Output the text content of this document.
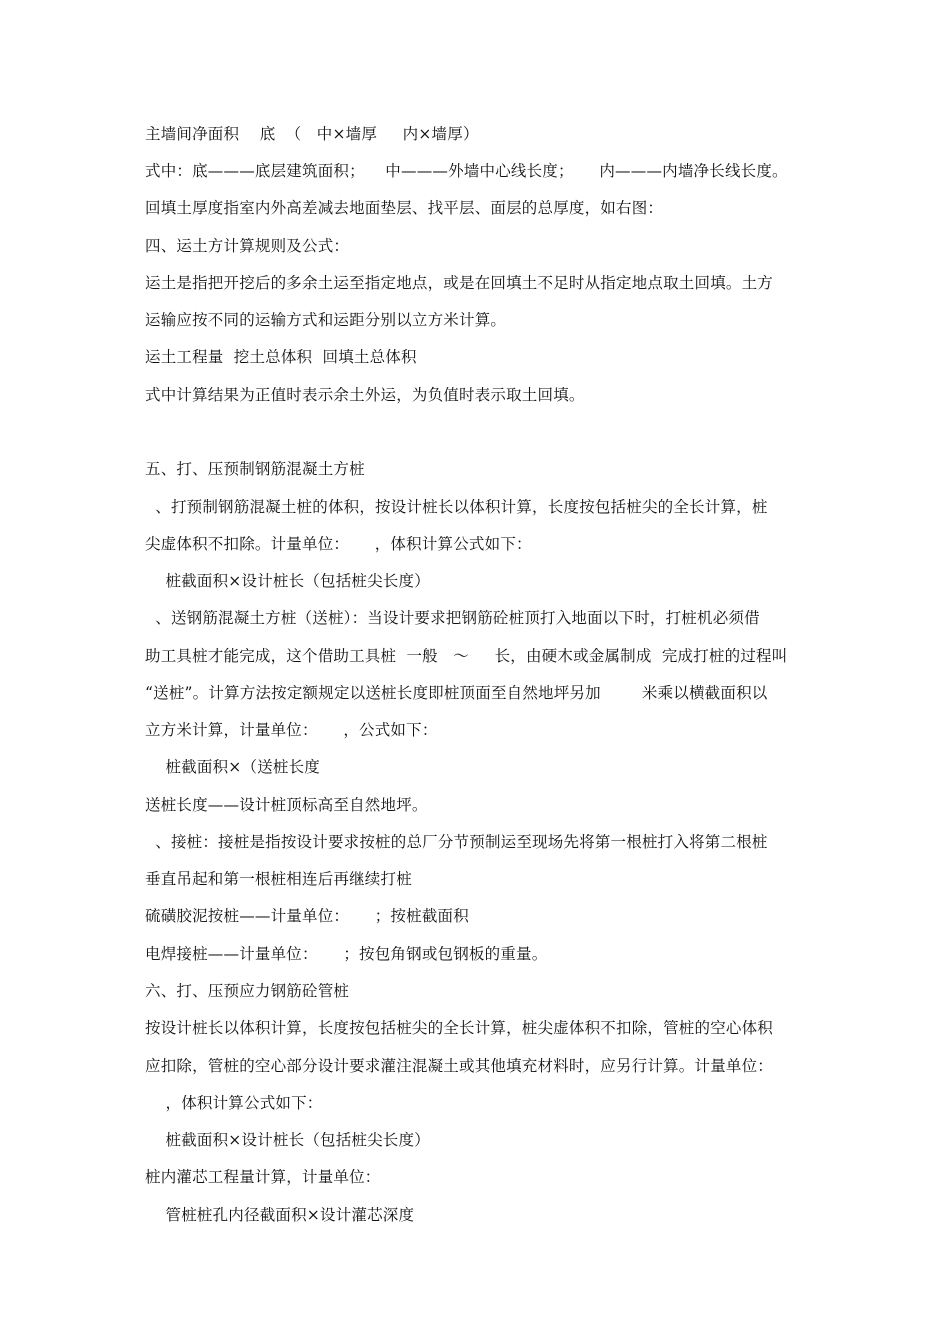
主墙间净面积    底  （   中×墙厚     内×墙厚）
式中：底———底层建筑面积；    中———外墙中心线长度；     内———内墙净长线长度。
回填土厚度指室内外高差减去地面垫层、找平层、面层的总厚度，如右图：
四、运土方计算规则及公式：
运土是指把开挖后的多余土运至指定地点，或是在回填土不足时从指定地点取土回填。土方
运输应按不同的运输方式和运距分别以立方米计算。
运土工程量  挖土总体积  回填土总体积
式中计算结果为正值时表示余土外运，为负值时表示取土回填。
五、打、压预制钢筋混凝土方桩
、打预制钢筋混凝土桩的体积，按设计桩长以体积计算，长度按包括桩尖的全长计算，桩
尖虚体积不扣除。计量单位：     ，体积计算公式如下：
桩截面积×设计桩长（包括桩尖长度）
、送钢筋混凝土方桩（送桩）：当设计要求把钢筋砼桩顶打入地面以下时，打桩机必须借
助工具桩才能完成，这个借助工具桩  一般   ～     长，由硬木或金属制成  完成打桩的过程叫
“送桩”。计算方法按定额规定以送桩长度即桩顶面至自然地坪另加        米乘以横截面积以
立方米计算，计量单位：     ，公式如下：
桩截面积×（送桩长度
送桩长度——设计桩顶标高至自然地坪。
、接桩：接桩是指按设计要求按桩的总厂分节预制运至现场先将第一根桩打入将第二根桩
垂直吊起和第一根桩相连后再继续打桩
硫磺胶泥按桩——计量单位：     ；按桩截面积
电焊接桩——计量单位：     ；按包角钢或包钢板的重量。
六、打、压预应力钢筋砼管桩
按设计桩长以体积计算，长度按包括桩尖的全长计算，桩尖虚体积不扣除，管桩的空心体积
应扣除，管桩的空心部分设计要求灌注混凝土或其他填充材料时，应另行计算。计量单位：
，体积计算公式如下：
桩截面积×设计桩长（包括桩尖长度）
桩内灌芯工程量计算，计量单位：
管桩桩孔内径截面积×设计灌芯深度
